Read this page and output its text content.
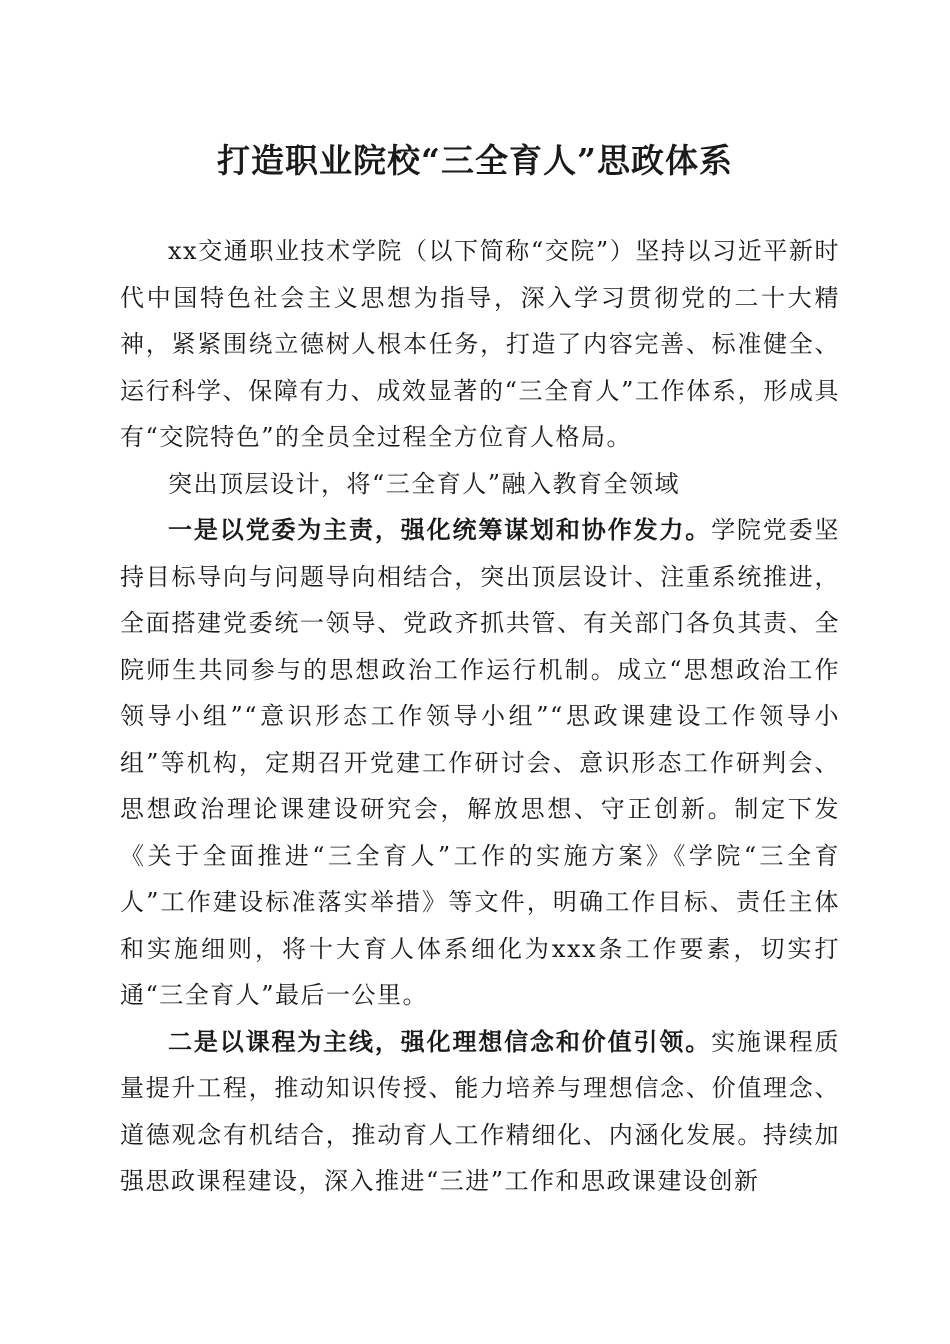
打造职业院校“三全育人”思政体系

xx交通职业技术学院（以下简称“交院”）坚持以习近平新时代中国特色社会主义思想为指导，深入学习贯彻党的二十大精神，紧紧围绕立德树人根本任务，打造了内容完善、标准健全、运行科学、保障有力、成效显著的“三全育人”工作体系，形成具有“交院特色”的全员全过程全方位育人格局。

突出顶层设计，将“三全育人”融入教育全领域

一是以党委为主责，强化统筹谋划和协作发力。学院党委坚持目标导向与问题导向相结合，突出顶层设计、注重系统推进，全面搭建党委统一领导、党政齐抓共管、有关部门各负其责、全院师生共同参与的思想政治工作运行机制。成立“思想政治工作领导小组”“意识形态工作领导小组”“思政课建设工作领导小组”等机构，定期召开党建工作研讨会、意识形态工作研判会、思想政治理论课建设研究会，解放思想、守正创新。制定下发《关于全面推进“三全育人”工作的实施方案》《学院“三全育人”工作建设标准落实举措》等文件，明确工作目标、责任主体和实施细则，将十大育人体系细化为xxx条工作要素，切实打通“三全育人”最后一公里。

二是以课程为主线，强化理想信念和价值引领。实施课程质量提升工程，推动知识传授、能力培养与理想信念、价值理念、道德观念有机结合，推动育人工作精细化、内涵化发展。持续加强思政课程建设，深入推进“三进”工作和思政课建设创新
